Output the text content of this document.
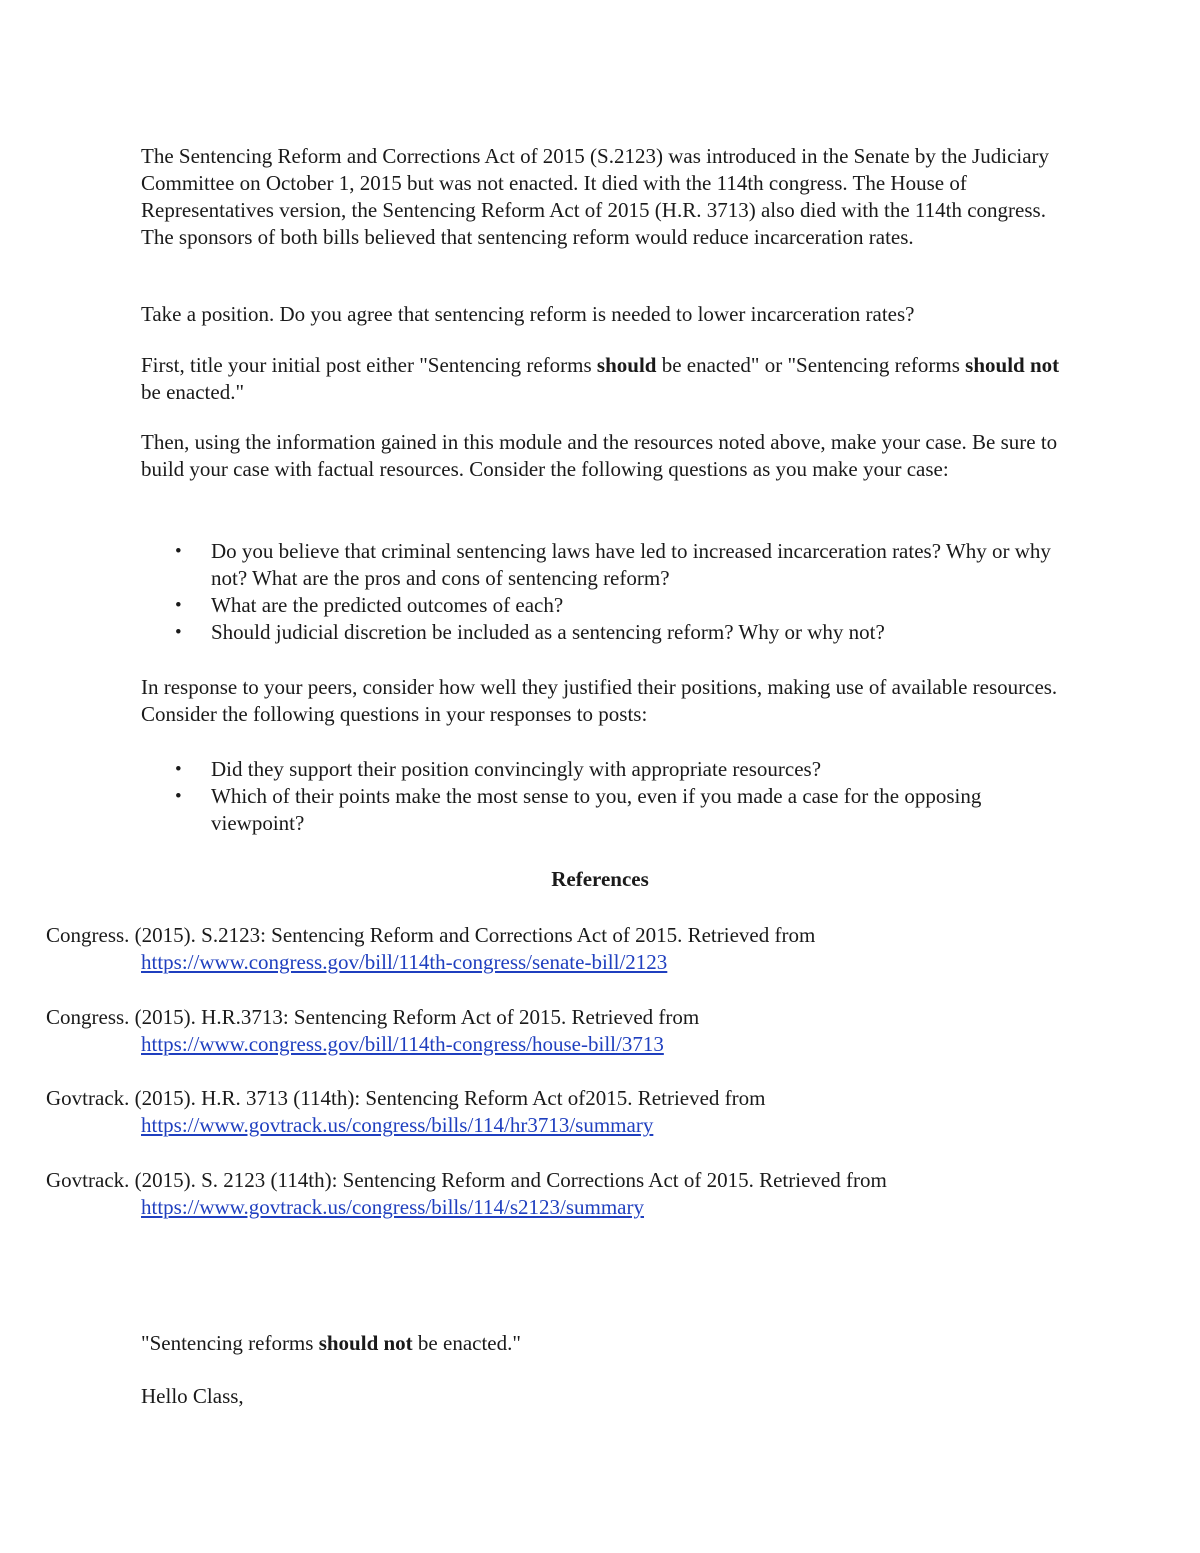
The Sentencing Reform and Corrections Act of 2015 (S.2123) was introduced in the Senate by the Judiciary Committee on October 1, 2015 but was not enacted. It died with the 114th congress. The House of Representatives version, the Sentencing Reform Act of 2015 (H.R. 3713) also died with the 114th congress. The sponsors of both bills believed that sentencing reform would reduce incarceration rates.

Take a position. Do you agree that sentencing reform is needed to lower incarceration rates?

First, title your initial post either "Sentencing reforms should be enacted" or "Sentencing reforms should not be enacted."

Then, using the information gained in this module and the resources noted above, make your case. Be sure to build your case with factual resources. Consider the following questions as you make your case:

• Do you believe that criminal sentencing laws have led to increased incarceration rates? Why or why not? What are the pros and cons of sentencing reform?
• What are the predicted outcomes of each?
• Should judicial discretion be included as a sentencing reform? Why or why not?

In response to your peers, consider how well they justified their positions, making use of available resources. Consider the following questions in your responses to posts:

• Did they support their position convincingly with appropriate resources?
• Which of their points make the most sense to you, even if you made a case for the opposing viewpoint?

References

Congress. (2015). S.2123: Sentencing Reform and Corrections Act of 2015. Retrieved from
https://www.congress.gov/bill/114th-congress/senate-bill/2123

Congress. (2015). H.R.3713: Sentencing Reform Act of 2015. Retrieved from
https://www.congress.gov/bill/114th-congress/house-bill/3713

Govtrack. (2015). H.R. 3713 (114th): Sentencing Reform Act of2015. Retrieved from
https://www.govtrack.us/congress/bills/114/hr3713/summary

Govtrack. (2015). S. 2123 (114th): Sentencing Reform and Corrections Act of 2015. Retrieved from
https://www.govtrack.us/congress/bills/114/s2123/summary

"Sentencing reforms should not be enacted."

Hello Class,
